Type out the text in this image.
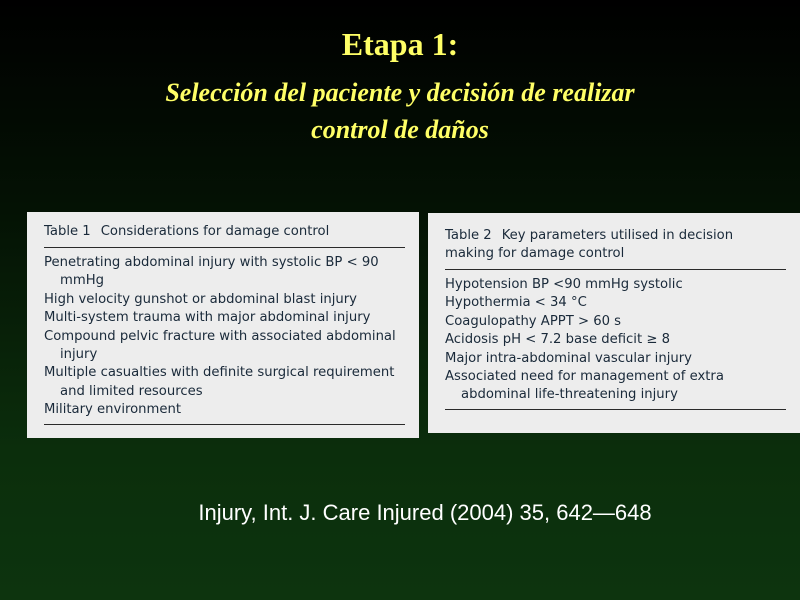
Etapa 1:
Selección del paciente y decisión de realizar
control de daños
Table 1 Considerations for damage control
Penetrating abdominal injury with systolic BP < 90 mmHg
High velocity gunshot or abdominal blast injury
Multi-system trauma with major abdominal injury
Compound pelvic fracture with associated abdominal injury
Multiple casualties with definite surgical requirement and limited resources
Military environment
Table 2 Key parameters utilised in decision making for damage control
Hypotension BP <90 mmHg systolic
Hypothermia < 34 °C
Coagulopathy APPT > 60 s
Acidosis pH < 7.2 base deficit ≥ 8
Major intra-abdominal vascular injury
Associated need for management of extra abdominal life-threatening injury
Injury, Int. J. Care Injured (2004) 35, 642—648
